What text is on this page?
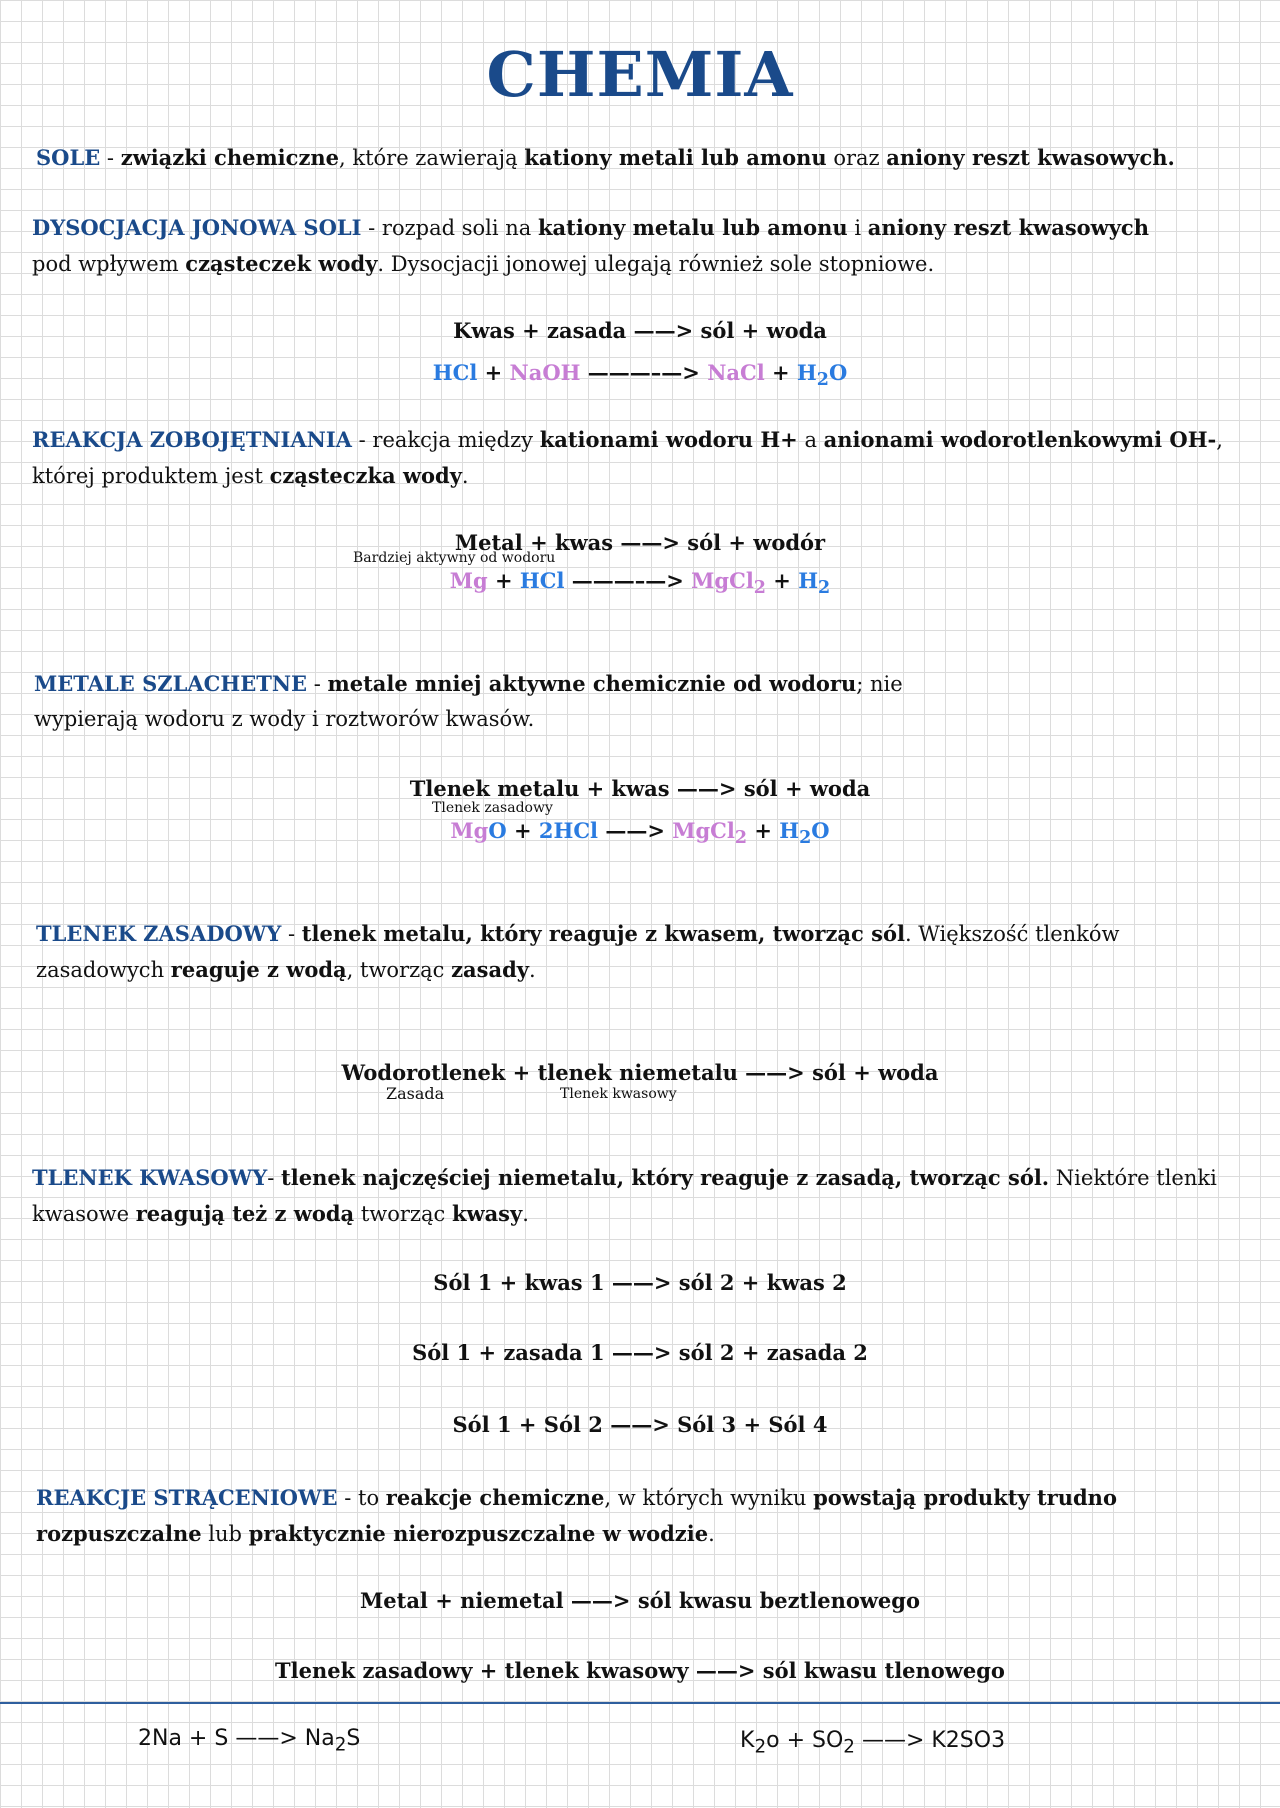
CHEMIA
SOLE - związki chemiczne, które zawierają kationy metali lub amonu oraz aniony reszt kwasowych.
DYSOCJACJA JONOWA SOLI - rozpad soli na kationy metalu lub amonu i aniony reszt kwasowych
pod wpływem cząsteczek wody. Dysocjacji jonowej ulegają również sole stopniowe.
Kwas + zasada ——> sól + woda
HCl + NaOH ———–—> NaCl + $H_2O$
REAKCJA ZOBOJĘTNIANIA - reakcja między kationami wodoru H+ a anionami wodorotlenkowymi OH-,
której produktem jest cząsteczka wody.
Metal + kwas ——> sól + wodór
Bardziej aktywny od wodoru
Mg + HCl ———–—> MgCl$_2$ + $H_2$
METALE SZLACHETNE - metale mniej aktywne chemicznie od wodoru; nie
wypierają wodoru z wody i roztworów kwasów.
Tlenek metalu + kwas ——> sól + woda
Tlenek zasadowy
MgO + 2HCl ——> MgCl$_2$ + $H_2O$
TLENEK ZASADOWY - tlenek metalu, który reaguje z kwasem, tworząc sól. Większość tlenków
zasadowych reaguje z wodą, tworząc zasady.
Wodorotlenek + tlenek niemetalu ——> sól + woda
Zasada	Tlenek kwasowy
TLENEK KWASOWY- tlenek najczęściej niemetalu, który reaguje z zasadą, tworząc sól. Niektóre tlenki
kwasowe reagują też z wodą tworząc kwasy.
Sól 1 + kwas 1 ——> sól 2 + kwas 2
Sól 1 + zasada 1 ——> sól 2 + zasada 2
Sól 1 + Sól 2 ——> Sól 3 + Sól 4
REAKCJE STRĄCENIOWE - to reakcje chemiczne, w których wyniku powstają produkty trudno
rozpuszczalne lub praktycznie nierozpuszczalne w wodzie.
Metal + niemetal ——> sól kwasu beztlenowego
Tlenek zasadowy + tlenek kwasowy ——> sól kwasu tlenowego
2Na + S ——> $Na_2S$	$K_2o + SO_2$ ——> K2SO3
